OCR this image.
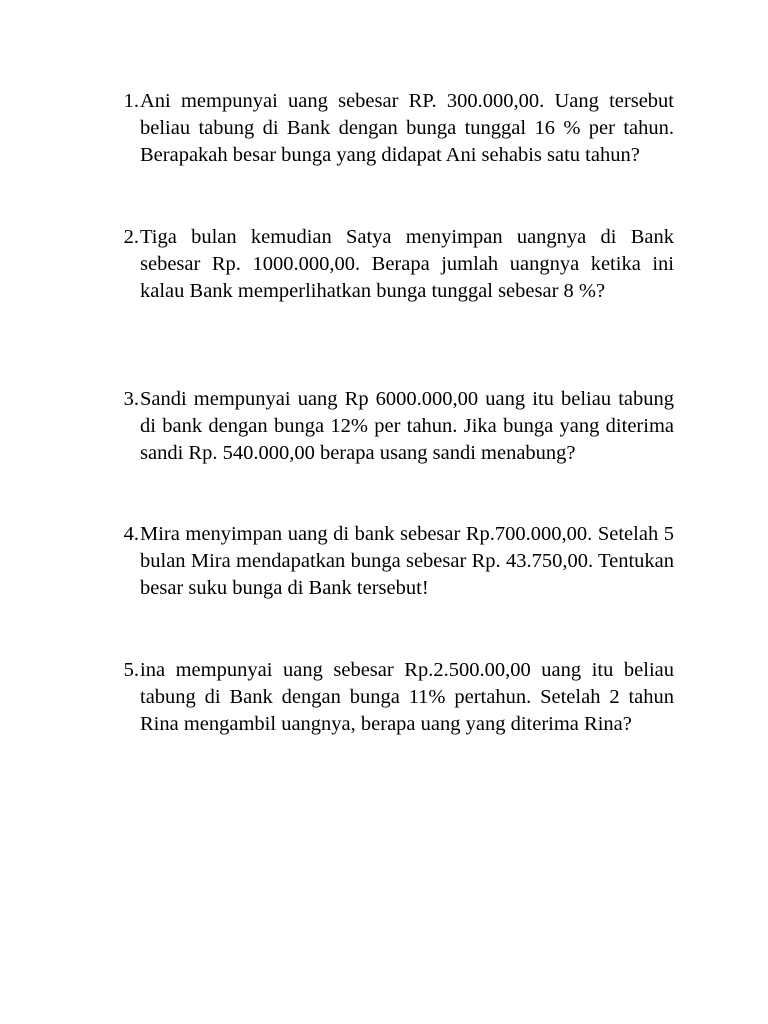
1. Ani mempunyai uang sebesar RP. 300.000,00. Uang tersebut beliau tabung di Bank dengan bunga tunggal 16 % per tahun. Berapakah besar bunga yang didapat Ani sehabis satu tahun?
2. Tiga bulan kemudian Satya menyimpan uangnya di Bank sebesar Rp. 1000.000,00. Berapa jumlah uangnya ketika ini kalau Bank memperlihatkan bunga tunggal sebesar 8 %?
3. Sandi mempunyai uang Rp 6000.000,00 uang itu beliau tabung di bank dengan bunga 12% per tahun. Jika bunga yang diterima sandi Rp. 540.000,00 berapa usang sandi menabung?
4. Mira menyimpan uang di bank sebesar Rp.700.000,00. Setelah 5 bulan Mira mendapatkan bunga sebesar Rp. 43.750,00. Tentukan besar suku bunga di Bank tersebut!
5. ina mempunyai uang sebesar Rp.2.500.00,00 uang itu beliau tabung di Bank dengan bunga 11% pertahun. Setelah 2 tahun Rina mengambil uangnya, berapa uang yang diterima Rina?
